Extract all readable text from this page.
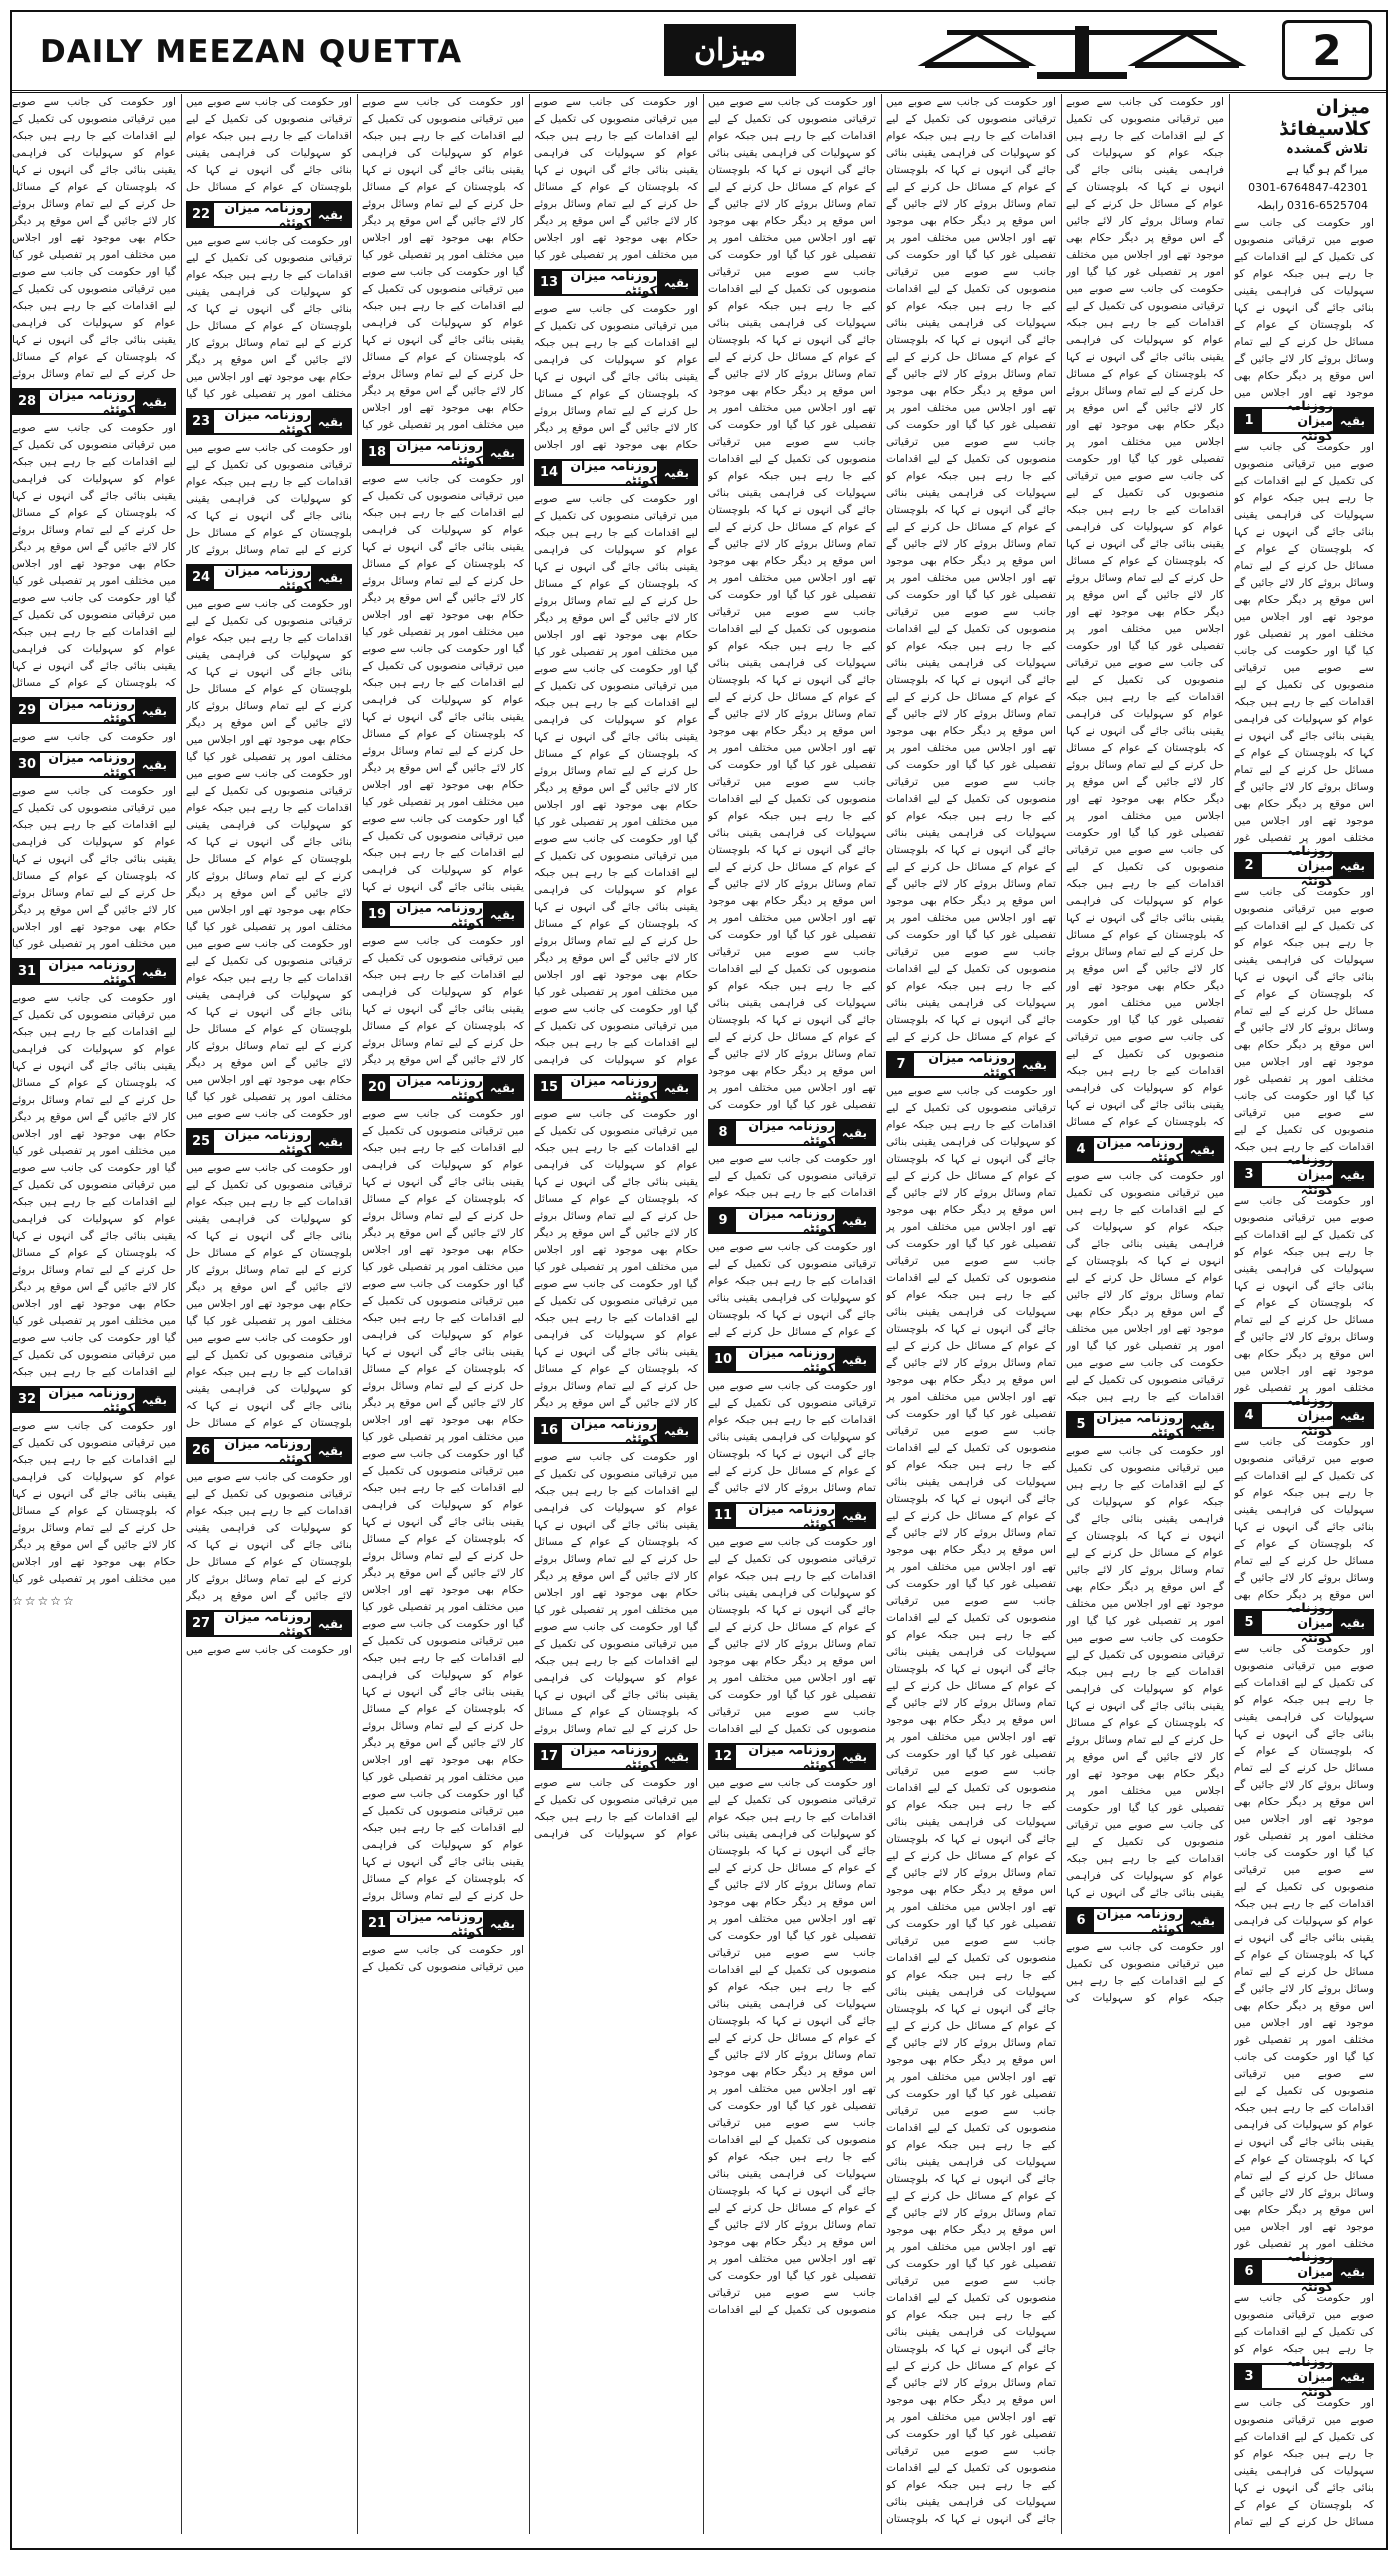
DAILY MEEZAN QUETTA	میزان	2
میزان کلاسیفائڈ
تلاش گمشدہ
میرا گم ہو گیا ہے
0301-6764847-42301
0316-6525704 رابطہ
اور حکومت کی جانب سے صوبے میں ترقیاتی منصوبوں کی تکمیل کے لیے اقدامات کیے جا رہے ہیں جبکہ عوام کو سہولیات کی فراہمی یقینی بنائی جائے گی انہوں نے کہا کہ بلوچستان کے عوام کے مسائل حل کرنے کے لیے تمام وسائل بروئے کار لائے جائیں گے اس موقع پر دیگر حکام بھی موجود تھے اور اجلاس میں
بقیہ
روزنامہ میزان کوئٹہ
1
اور حکومت کی جانب سے صوبے میں ترقیاتی منصوبوں کی تکمیل کے لیے اقدامات کیے جا رہے ہیں جبکہ عوام کو سہولیات کی فراہمی یقینی بنائی جائے گی انہوں نے کہا کہ بلوچستان کے عوام کے مسائل حل کرنے کے لیے تمام وسائل بروئے کار لائے جائیں گے اس موقع پر دیگر حکام بھی موجود تھے اور اجلاس میں مختلف امور پر تفصیلی غور کیا گیا اور حکومت کی جانب سے صوبے میں ترقیاتی منصوبوں کی تکمیل کے لیے اقدامات کیے جا رہے ہیں جبکہ عوام کو سہولیات کی فراہمی یقینی بنائی جائے گی انہوں نے کہا کہ بلوچستان کے عوام کے مسائل حل کرنے کے لیے تمام وسائل بروئے کار لائے جائیں گے اس موقع پر دیگر حکام بھی موجود تھے اور اجلاس میں مختلف امور پر تفصیلی غور
بقیہ
روزنامہ میزان کوئٹہ
2
اور حکومت کی جانب سے صوبے میں ترقیاتی منصوبوں کی تکمیل کے لیے اقدامات کیے جا رہے ہیں جبکہ عوام کو سہولیات کی فراہمی یقینی بنائی جائے گی انہوں نے کہا کہ بلوچستان کے عوام کے مسائل حل کرنے کے لیے تمام وسائل بروئے کار لائے جائیں گے اس موقع پر دیگر حکام بھی موجود تھے اور اجلاس میں مختلف امور پر تفصیلی غور کیا گیا اور حکومت کی جانب سے صوبے میں ترقیاتی منصوبوں کی تکمیل کے لیے اقدامات کیے جا رہے ہیں جبکہ
بقیہ
روزنامہ میزان کوئٹہ
3
اور حکومت کی جانب سے صوبے میں ترقیاتی منصوبوں کی تکمیل کے لیے اقدامات کیے جا رہے ہیں جبکہ عوام کو سہولیات کی فراہمی یقینی بنائی جائے گی انہوں نے کہا کہ بلوچستان کے عوام کے مسائل حل کرنے کے لیے تمام وسائل بروئے کار لائے جائیں گے اس موقع پر دیگر حکام بھی موجود تھے اور اجلاس میں مختلف امور پر تفصیلی غور
بقیہ
روزنامہ میزان کوئٹہ
4
اور حکومت کی جانب سے صوبے میں ترقیاتی منصوبوں کی تکمیل کے لیے اقدامات کیے جا رہے ہیں جبکہ عوام کو سہولیات کی فراہمی یقینی بنائی جائے گی انہوں نے کہا کہ بلوچستان کے عوام کے مسائل حل کرنے کے لیے تمام وسائل بروئے کار لائے جائیں گے اس موقع پر دیگر حکام بھی
بقیہ
روزنامہ میزان کوئٹہ
5
اور حکومت کی جانب سے صوبے میں ترقیاتی منصوبوں کی تکمیل کے لیے اقدامات کیے جا رہے ہیں جبکہ عوام کو سہولیات کی فراہمی یقینی بنائی جائے گی انہوں نے کہا کہ بلوچستان کے عوام کے مسائل حل کرنے کے لیے تمام وسائل بروئے کار لائے جائیں گے اس موقع پر دیگر حکام بھی موجود تھے اور اجلاس میں مختلف امور پر تفصیلی غور کیا گیا اور حکومت کی جانب سے صوبے میں ترقیاتی منصوبوں کی تکمیل کے لیے اقدامات کیے جا رہے ہیں جبکہ عوام کو سہولیات کی فراہمی یقینی بنائی جائے گی انہوں نے کہا کہ بلوچستان کے عوام کے مسائل حل کرنے کے لیے تمام وسائل بروئے کار لائے جائیں گے اس موقع پر دیگر حکام بھی موجود تھے اور اجلاس میں مختلف امور پر تفصیلی غور کیا گیا اور حکومت کی جانب سے صوبے میں ترقیاتی منصوبوں کی تکمیل کے لیے اقدامات کیے جا رہے ہیں جبکہ عوام کو سہولیات کی فراہمی یقینی بنائی جائے گی انہوں نے کہا کہ بلوچستان کے عوام کے مسائل حل کرنے کے لیے تمام وسائل بروئے کار لائے جائیں گے اس موقع پر دیگر حکام بھی موجود تھے اور اجلاس میں مختلف امور پر تفصیلی غور
بقیہ
روزنامہ میزان کوئٹہ
6
اور حکومت کی جانب سے صوبے میں ترقیاتی منصوبوں کی تکمیل کے لیے اقدامات کیے جا رہے ہیں جبکہ عوام کو
بقیہ
روزنامہ میزان کوئٹہ
3
اور حکومت کی جانب سے صوبے میں ترقیاتی منصوبوں کی تکمیل کے لیے اقدامات کیے جا رہے ہیں جبکہ عوام کو سہولیات کی فراہمی یقینی بنائی جائے گی انہوں نے کہا کہ بلوچستان کے عوام کے مسائل حل کرنے کے لیے تمام
اور حکومت کی جانب سے صوبے میں ترقیاتی منصوبوں کی تکمیل کے لیے اقدامات کیے جا رہے ہیں جبکہ عوام کو سہولیات کی فراہمی یقینی بنائی جائے گی انہوں نے کہا کہ بلوچستان کے عوام کے مسائل حل کرنے کے لیے تمام وسائل بروئے کار لائے جائیں گے اس موقع پر دیگر حکام بھی موجود تھے اور اجلاس میں مختلف امور پر تفصیلی غور کیا گیا اور حکومت کی جانب سے صوبے میں ترقیاتی منصوبوں کی تکمیل کے لیے اقدامات کیے جا رہے ہیں جبکہ عوام کو سہولیات کی فراہمی یقینی بنائی جائے گی انہوں نے کہا کہ بلوچستان کے عوام کے مسائل حل کرنے کے لیے تمام وسائل بروئے کار لائے جائیں گے اس موقع پر دیگر حکام بھی موجود تھے اور اجلاس میں مختلف امور پر تفصیلی غور کیا گیا اور حکومت کی جانب سے صوبے میں ترقیاتی منصوبوں کی تکمیل کے لیے اقدامات کیے جا رہے ہیں جبکہ عوام کو سہولیات کی فراہمی یقینی بنائی جائے گی انہوں نے کہا کہ بلوچستان کے عوام کے مسائل حل کرنے کے لیے تمام وسائل بروئے کار لائے جائیں گے اس موقع پر دیگر حکام بھی موجود تھے اور اجلاس میں مختلف امور پر تفصیلی غور کیا گیا اور حکومت کی جانب سے صوبے میں ترقیاتی منصوبوں کی تکمیل کے لیے اقدامات کیے جا رہے ہیں جبکہ عوام کو سہولیات کی فراہمی یقینی بنائی جائے گی انہوں نے کہا کہ بلوچستان کے عوام کے مسائل حل کرنے کے لیے تمام وسائل بروئے کار لائے جائیں گے اس موقع پر دیگر حکام بھی موجود تھے اور اجلاس میں مختلف امور پر تفصیلی غور کیا گیا اور حکومت کی جانب سے صوبے میں ترقیاتی منصوبوں کی تکمیل کے لیے اقدامات کیے جا رہے ہیں جبکہ عوام کو سہولیات کی فراہمی یقینی بنائی جائے گی انہوں نے کہا کہ بلوچستان کے عوام کے مسائل حل کرنے کے لیے تمام وسائل بروئے کار لائے جائیں گے اس موقع پر دیگر حکام بھی موجود تھے اور اجلاس میں مختلف امور پر تفصیلی غور کیا گیا اور حکومت کی جانب سے صوبے میں ترقیاتی منصوبوں کی تکمیل کے لیے اقدامات کیے جا رہے ہیں جبکہ عوام کو سہولیات کی فراہمی یقینی بنائی جائے گی انہوں نے کہا کہ بلوچستان کے عوام کے مسائل
بقیہ
روزنامہ میزان کوئٹہ
4
اور حکومت کی جانب سے صوبے میں ترقیاتی منصوبوں کی تکمیل کے لیے اقدامات کیے جا رہے ہیں جبکہ عوام کو سہولیات کی فراہمی یقینی بنائی جائے گی انہوں نے کہا کہ بلوچستان کے عوام کے مسائل حل کرنے کے لیے تمام وسائل بروئے کار لائے جائیں گے اس موقع پر دیگر حکام بھی موجود تھے اور اجلاس میں مختلف امور پر تفصیلی غور کیا گیا اور حکومت کی جانب سے صوبے میں ترقیاتی منصوبوں کی تکمیل کے لیے اقدامات کیے جا رہے ہیں جبکہ
بقیہ
روزنامہ میزان کوئٹہ
5
اور حکومت کی جانب سے صوبے میں ترقیاتی منصوبوں کی تکمیل کے لیے اقدامات کیے جا رہے ہیں جبکہ عوام کو سہولیات کی فراہمی یقینی بنائی جائے گی انہوں نے کہا کہ بلوچستان کے عوام کے مسائل حل کرنے کے لیے تمام وسائل بروئے کار لائے جائیں گے اس موقع پر دیگر حکام بھی موجود تھے اور اجلاس میں مختلف امور پر تفصیلی غور کیا گیا اور حکومت کی جانب سے صوبے میں ترقیاتی منصوبوں کی تکمیل کے لیے اقدامات کیے جا رہے ہیں جبکہ عوام کو سہولیات کی فراہمی یقینی بنائی جائے گی انہوں نے کہا کہ بلوچستان کے عوام کے مسائل حل کرنے کے لیے تمام وسائل بروئے کار لائے جائیں گے اس موقع پر دیگر حکام بھی موجود تھے اور اجلاس میں مختلف امور پر تفصیلی غور کیا گیا اور حکومت کی جانب سے صوبے میں ترقیاتی منصوبوں کی تکمیل کے لیے اقدامات کیے جا رہے ہیں جبکہ عوام کو سہولیات کی فراہمی یقینی بنائی جائے گی انہوں نے کہا
بقیہ
روزنامہ میزان کوئٹہ
6
اور حکومت کی جانب سے صوبے میں ترقیاتی منصوبوں کی تکمیل کے لیے اقدامات کیے جا رہے ہیں جبکہ عوام کو سہولیات کی
اور حکومت کی جانب سے صوبے میں ترقیاتی منصوبوں کی تکمیل کے لیے اقدامات کیے جا رہے ہیں جبکہ عوام کو سہولیات کی فراہمی یقینی بنائی جائے گی انہوں نے کہا کہ بلوچستان کے عوام کے مسائل حل کرنے کے لیے تمام وسائل بروئے کار لائے جائیں گے اس موقع پر دیگر حکام بھی موجود تھے اور اجلاس میں مختلف امور پر تفصیلی غور کیا گیا اور حکومت کی جانب سے صوبے میں ترقیاتی منصوبوں کی تکمیل کے لیے اقدامات کیے جا رہے ہیں جبکہ عوام کو سہولیات کی فراہمی یقینی بنائی جائے گی انہوں نے کہا کہ بلوچستان کے عوام کے مسائل حل کرنے کے لیے تمام وسائل بروئے کار لائے جائیں گے اس موقع پر دیگر حکام بھی موجود تھے اور اجلاس میں مختلف امور پر تفصیلی غور کیا گیا اور حکومت کی جانب سے صوبے میں ترقیاتی منصوبوں کی تکمیل کے لیے اقدامات کیے جا رہے ہیں جبکہ عوام کو سہولیات کی فراہمی یقینی بنائی جائے گی انہوں نے کہا کہ بلوچستان کے عوام کے مسائل حل کرنے کے لیے تمام وسائل بروئے کار لائے جائیں گے اس موقع پر دیگر حکام بھی موجود تھے اور اجلاس میں مختلف امور پر تفصیلی غور کیا گیا اور حکومت کی جانب سے صوبے میں ترقیاتی منصوبوں کی تکمیل کے لیے اقدامات کیے جا رہے ہیں جبکہ عوام کو سہولیات کی فراہمی یقینی بنائی جائے گی انہوں نے کہا کہ بلوچستان کے عوام کے مسائل حل کرنے کے لیے تمام وسائل بروئے کار لائے جائیں گے اس موقع پر دیگر حکام بھی موجود تھے اور اجلاس میں مختلف امور پر تفصیلی غور کیا گیا اور حکومت کی جانب سے صوبے میں ترقیاتی منصوبوں کی تکمیل کے لیے اقدامات کیے جا رہے ہیں جبکہ عوام کو سہولیات کی فراہمی یقینی بنائی جائے گی انہوں نے کہا کہ بلوچستان کے عوام کے مسائل حل کرنے کے لیے تمام وسائل بروئے کار لائے جائیں گے اس موقع پر دیگر حکام بھی موجود تھے اور اجلاس میں مختلف امور پر تفصیلی غور کیا گیا اور حکومت کی جانب سے صوبے میں ترقیاتی منصوبوں کی تکمیل کے لیے اقدامات کیے جا رہے ہیں جبکہ عوام کو سہولیات کی فراہمی یقینی بنائی جائے گی انہوں نے کہا کہ بلوچستان کے عوام کے مسائل حل کرنے کے لیے
بقیہ
روزنامہ میزان کوئٹہ
7
اور حکومت کی جانب سے صوبے میں ترقیاتی منصوبوں کی تکمیل کے لیے اقدامات کیے جا رہے ہیں جبکہ عوام کو سہولیات کی فراہمی یقینی بنائی جائے گی انہوں نے کہا کہ بلوچستان کے عوام کے مسائل حل کرنے کے لیے تمام وسائل بروئے کار لائے جائیں گے اس موقع پر دیگر حکام بھی موجود تھے اور اجلاس میں مختلف امور پر تفصیلی غور کیا گیا اور حکومت کی جانب سے صوبے میں ترقیاتی منصوبوں کی تکمیل کے لیے اقدامات کیے جا رہے ہیں جبکہ عوام کو سہولیات کی فراہمی یقینی بنائی جائے گی انہوں نے کہا کہ بلوچستان کے عوام کے مسائل حل کرنے کے لیے تمام وسائل بروئے کار لائے جائیں گے اس موقع پر دیگر حکام بھی موجود تھے اور اجلاس میں مختلف امور پر تفصیلی غور کیا گیا اور حکومت کی جانب سے صوبے میں ترقیاتی منصوبوں کی تکمیل کے لیے اقدامات کیے جا رہے ہیں جبکہ عوام کو سہولیات کی فراہمی یقینی بنائی جائے گی انہوں نے کہا کہ بلوچستان کے عوام کے مسائل حل کرنے کے لیے تمام وسائل بروئے کار لائے جائیں گے اس موقع پر دیگر حکام بھی موجود تھے اور اجلاس میں مختلف امور پر تفصیلی غور کیا گیا اور حکومت کی جانب سے صوبے میں ترقیاتی منصوبوں کی تکمیل کے لیے اقدامات کیے جا رہے ہیں جبکہ عوام کو سہولیات کی فراہمی یقینی بنائی جائے گی انہوں نے کہا کہ بلوچستان کے عوام کے مسائل حل کرنے کے لیے تمام وسائل بروئے کار لائے جائیں گے اس موقع پر دیگر حکام بھی موجود تھے اور اجلاس میں مختلف امور پر تفصیلی غور کیا گیا اور حکومت کی جانب سے صوبے میں ترقیاتی منصوبوں کی تکمیل کے لیے اقدامات کیے جا رہے ہیں جبکہ عوام کو سہولیات کی فراہمی یقینی بنائی جائے گی انہوں نے کہا کہ بلوچستان کے عوام کے مسائل حل کرنے کے لیے تمام وسائل بروئے کار لائے جائیں گے اس موقع پر دیگر حکام بھی موجود تھے اور اجلاس میں مختلف امور پر تفصیلی غور کیا گیا اور حکومت کی جانب سے صوبے میں ترقیاتی منصوبوں کی تکمیل کے لیے اقدامات کیے جا رہے ہیں جبکہ عوام کو سہولیات کی فراہمی یقینی بنائی جائے گی انہوں نے کہا کہ بلوچستان کے عوام کے مسائل حل کرنے کے لیے تمام وسائل بروئے کار لائے جائیں گے اس موقع پر دیگر حکام بھی موجود تھے اور اجلاس میں مختلف امور پر تفصیلی غور کیا گیا اور حکومت کی جانب سے صوبے میں ترقیاتی منصوبوں کی تکمیل کے لیے اقدامات کیے جا رہے ہیں جبکہ عوام کو سہولیات کی فراہمی یقینی بنائی جائے گی انہوں نے کہا کہ بلوچستان کے عوام کے مسائل حل کرنے کے لیے تمام وسائل بروئے کار لائے جائیں گے اس موقع پر دیگر حکام بھی موجود تھے اور اجلاس میں مختلف امور پر تفصیلی غور کیا گیا اور حکومت کی جانب سے صوبے میں ترقیاتی منصوبوں کی تکمیل کے لیے اقدامات کیے جا رہے ہیں جبکہ عوام کو سہولیات کی فراہمی یقینی بنائی جائے گی انہوں نے کہا کہ بلوچستان کے عوام کے مسائل حل کرنے کے لیے تمام وسائل بروئے کار لائے جائیں گے اس موقع پر دیگر حکام بھی موجود تھے اور اجلاس میں مختلف امور پر تفصیلی غور کیا گیا اور حکومت کی جانب سے صوبے میں ترقیاتی منصوبوں کی تکمیل کے لیے اقدامات کیے جا رہے ہیں جبکہ عوام کو سہولیات کی فراہمی یقینی بنائی جائے گی انہوں نے کہا کہ بلوچستان
اور حکومت کی جانب سے صوبے میں ترقیاتی منصوبوں کی تکمیل کے لیے اقدامات کیے جا رہے ہیں جبکہ عوام کو سہولیات کی فراہمی یقینی بنائی جائے گی انہوں نے کہا کہ بلوچستان کے عوام کے مسائل حل کرنے کے لیے تمام وسائل بروئے کار لائے جائیں گے اس موقع پر دیگر حکام بھی موجود تھے اور اجلاس میں مختلف امور پر تفصیلی غور کیا گیا اور حکومت کی جانب سے صوبے میں ترقیاتی منصوبوں کی تکمیل کے لیے اقدامات کیے جا رہے ہیں جبکہ عوام کو سہولیات کی فراہمی یقینی بنائی جائے گی انہوں نے کہا کہ بلوچستان کے عوام کے مسائل حل کرنے کے لیے تمام وسائل بروئے کار لائے جائیں گے اس موقع پر دیگر حکام بھی موجود تھے اور اجلاس میں مختلف امور پر تفصیلی غور کیا گیا اور حکومت کی جانب سے صوبے میں ترقیاتی منصوبوں کی تکمیل کے لیے اقدامات کیے جا رہے ہیں جبکہ عوام کو سہولیات کی فراہمی یقینی بنائی جائے گی انہوں نے کہا کہ بلوچستان کے عوام کے مسائل حل کرنے کے لیے تمام وسائل بروئے کار لائے جائیں گے اس موقع پر دیگر حکام بھی موجود تھے اور اجلاس میں مختلف امور پر تفصیلی غور کیا گیا اور حکومت کی جانب سے صوبے میں ترقیاتی منصوبوں کی تکمیل کے لیے اقدامات کیے جا رہے ہیں جبکہ عوام کو سہولیات کی فراہمی یقینی بنائی جائے گی انہوں نے کہا کہ بلوچستان کے عوام کے مسائل حل کرنے کے لیے تمام وسائل بروئے کار لائے جائیں گے اس موقع پر دیگر حکام بھی موجود تھے اور اجلاس میں مختلف امور پر تفصیلی غور کیا گیا اور حکومت کی جانب سے صوبے میں ترقیاتی منصوبوں کی تکمیل کے لیے اقدامات کیے جا رہے ہیں جبکہ عوام کو سہولیات کی فراہمی یقینی بنائی جائے گی انہوں نے کہا کہ بلوچستان کے عوام کے مسائل حل کرنے کے لیے تمام وسائل بروئے کار لائے جائیں گے اس موقع پر دیگر حکام بھی موجود تھے اور اجلاس میں مختلف امور پر تفصیلی غور کیا گیا اور حکومت کی جانب سے صوبے میں ترقیاتی منصوبوں کی تکمیل کے لیے اقدامات کیے جا رہے ہیں جبکہ عوام کو سہولیات کی فراہمی یقینی بنائی جائے گی انہوں نے کہا کہ بلوچستان کے عوام کے مسائل حل کرنے کے لیے تمام وسائل بروئے کار لائے جائیں گے اس موقع پر دیگر حکام بھی موجود تھے اور اجلاس میں مختلف امور پر تفصیلی غور کیا گیا اور حکومت کی
بقیہ
روزنامہ میزان کوئٹہ
8
اور حکومت کی جانب سے صوبے میں ترقیاتی منصوبوں کی تکمیل کے لیے اقدامات کیے جا رہے ہیں جبکہ عوام
بقیہ
روزنامہ میزان کوئٹہ
9
اور حکومت کی جانب سے صوبے میں ترقیاتی منصوبوں کی تکمیل کے لیے اقدامات کیے جا رہے ہیں جبکہ عوام کو سہولیات کی فراہمی یقینی بنائی جائے گی انہوں نے کہا کہ بلوچستان کے عوام کے مسائل حل کرنے کے لیے
بقیہ
روزنامہ میزان کوئٹہ
10
اور حکومت کی جانب سے صوبے میں ترقیاتی منصوبوں کی تکمیل کے لیے اقدامات کیے جا رہے ہیں جبکہ عوام کو سہولیات کی فراہمی یقینی بنائی جائے گی انہوں نے کہا کہ بلوچستان کے عوام کے مسائل حل کرنے کے لیے تمام وسائل بروئے کار لائے جائیں گے
بقیہ
روزنامہ میزان کوئٹہ
11
اور حکومت کی جانب سے صوبے میں ترقیاتی منصوبوں کی تکمیل کے لیے اقدامات کیے جا رہے ہیں جبکہ عوام کو سہولیات کی فراہمی یقینی بنائی جائے گی انہوں نے کہا کہ بلوچستان کے عوام کے مسائل حل کرنے کے لیے تمام وسائل بروئے کار لائے جائیں گے اس موقع پر دیگر حکام بھی موجود تھے اور اجلاس میں مختلف امور پر تفصیلی غور کیا گیا اور حکومت کی جانب سے صوبے میں ترقیاتی منصوبوں کی تکمیل کے لیے اقدامات
بقیہ
روزنامہ میزان کوئٹہ
12
اور حکومت کی جانب سے صوبے میں ترقیاتی منصوبوں کی تکمیل کے لیے اقدامات کیے جا رہے ہیں جبکہ عوام کو سہولیات کی فراہمی یقینی بنائی جائے گی انہوں نے کہا کہ بلوچستان کے عوام کے مسائل حل کرنے کے لیے تمام وسائل بروئے کار لائے جائیں گے اس موقع پر دیگر حکام بھی موجود تھے اور اجلاس میں مختلف امور پر تفصیلی غور کیا گیا اور حکومت کی جانب سے صوبے میں ترقیاتی منصوبوں کی تکمیل کے لیے اقدامات کیے جا رہے ہیں جبکہ عوام کو سہولیات کی فراہمی یقینی بنائی جائے گی انہوں نے کہا کہ بلوچستان کے عوام کے مسائل حل کرنے کے لیے تمام وسائل بروئے کار لائے جائیں گے اس موقع پر دیگر حکام بھی موجود تھے اور اجلاس میں مختلف امور پر تفصیلی غور کیا گیا اور حکومت کی جانب سے صوبے میں ترقیاتی منصوبوں کی تکمیل کے لیے اقدامات کیے جا رہے ہیں جبکہ عوام کو سہولیات کی فراہمی یقینی بنائی جائے گی انہوں نے کہا کہ بلوچستان کے عوام کے مسائل حل کرنے کے لیے تمام وسائل بروئے کار لائے جائیں گے اس موقع پر دیگر حکام بھی موجود تھے اور اجلاس میں مختلف امور پر تفصیلی غور کیا گیا اور حکومت کی جانب سے صوبے میں ترقیاتی منصوبوں کی تکمیل کے لیے اقدامات
اور حکومت کی جانب سے صوبے میں ترقیاتی منصوبوں کی تکمیل کے لیے اقدامات کیے جا رہے ہیں جبکہ عوام کو سہولیات کی فراہمی یقینی بنائی جائے گی انہوں نے کہا کہ بلوچستان کے عوام کے مسائل حل کرنے کے لیے تمام وسائل بروئے کار لائے جائیں گے اس موقع پر دیگر حکام بھی موجود تھے اور اجلاس میں مختلف امور پر تفصیلی غور کیا
بقیہ
روزنامہ میزان کوئٹہ
13
اور حکومت کی جانب سے صوبے میں ترقیاتی منصوبوں کی تکمیل کے لیے اقدامات کیے جا رہے ہیں جبکہ عوام کو سہولیات کی فراہمی یقینی بنائی جائے گی انہوں نے کہا کہ بلوچستان کے عوام کے مسائل حل کرنے کے لیے تمام وسائل بروئے کار لائے جائیں گے اس موقع پر دیگر حکام بھی موجود تھے اور اجلاس
بقیہ
روزنامہ میزان کوئٹہ
14
اور حکومت کی جانب سے صوبے میں ترقیاتی منصوبوں کی تکمیل کے لیے اقدامات کیے جا رہے ہیں جبکہ عوام کو سہولیات کی فراہمی یقینی بنائی جائے گی انہوں نے کہا کہ بلوچستان کے عوام کے مسائل حل کرنے کے لیے تمام وسائل بروئے کار لائے جائیں گے اس موقع پر دیگر حکام بھی موجود تھے اور اجلاس میں مختلف امور پر تفصیلی غور کیا گیا اور حکومت کی جانب سے صوبے میں ترقیاتی منصوبوں کی تکمیل کے لیے اقدامات کیے جا رہے ہیں جبکہ عوام کو سہولیات کی فراہمی یقینی بنائی جائے گی انہوں نے کہا کہ بلوچستان کے عوام کے مسائل حل کرنے کے لیے تمام وسائل بروئے کار لائے جائیں گے اس موقع پر دیگر حکام بھی موجود تھے اور اجلاس میں مختلف امور پر تفصیلی غور کیا گیا اور حکومت کی جانب سے صوبے میں ترقیاتی منصوبوں کی تکمیل کے لیے اقدامات کیے جا رہے ہیں جبکہ عوام کو سہولیات کی فراہمی یقینی بنائی جائے گی انہوں نے کہا کہ بلوچستان کے عوام کے مسائل حل کرنے کے لیے تمام وسائل بروئے کار لائے جائیں گے اس موقع پر دیگر حکام بھی موجود تھے اور اجلاس میں مختلف امور پر تفصیلی غور کیا گیا اور حکومت کی جانب سے صوبے میں ترقیاتی منصوبوں کی تکمیل کے لیے اقدامات کیے جا رہے ہیں جبکہ عوام کو سہولیات کی فراہمی
بقیہ
روزنامہ میزان کوئٹہ
15
اور حکومت کی جانب سے صوبے میں ترقیاتی منصوبوں کی تکمیل کے لیے اقدامات کیے جا رہے ہیں جبکہ عوام کو سہولیات کی فراہمی یقینی بنائی جائے گی انہوں نے کہا کہ بلوچستان کے عوام کے مسائل حل کرنے کے لیے تمام وسائل بروئے کار لائے جائیں گے اس موقع پر دیگر حکام بھی موجود تھے اور اجلاس میں مختلف امور پر تفصیلی غور کیا گیا اور حکومت کی جانب سے صوبے میں ترقیاتی منصوبوں کی تکمیل کے لیے اقدامات کیے جا رہے ہیں جبکہ عوام کو سہولیات کی فراہمی یقینی بنائی جائے گی انہوں نے کہا کہ بلوچستان کے عوام کے مسائل حل کرنے کے لیے تمام وسائل بروئے کار لائے جائیں گے اس موقع پر دیگر
بقیہ
روزنامہ میزان کوئٹہ
16
اور حکومت کی جانب سے صوبے میں ترقیاتی منصوبوں کی تکمیل کے لیے اقدامات کیے جا رہے ہیں جبکہ عوام کو سہولیات کی فراہمی یقینی بنائی جائے گی انہوں نے کہا کہ بلوچستان کے عوام کے مسائل حل کرنے کے لیے تمام وسائل بروئے کار لائے جائیں گے اس موقع پر دیگر حکام بھی موجود تھے اور اجلاس میں مختلف امور پر تفصیلی غور کیا گیا اور حکومت کی جانب سے صوبے میں ترقیاتی منصوبوں کی تکمیل کے لیے اقدامات کیے جا رہے ہیں جبکہ عوام کو سہولیات کی فراہمی یقینی بنائی جائے گی انہوں نے کہا کہ بلوچستان کے عوام کے مسائل حل کرنے کے لیے تمام وسائل بروئے
بقیہ
روزنامہ میزان کوئٹہ
17
اور حکومت کی جانب سے صوبے میں ترقیاتی منصوبوں کی تکمیل کے لیے اقدامات کیے جا رہے ہیں جبکہ عوام کو سہولیات کی فراہمی
اور حکومت کی جانب سے صوبے میں ترقیاتی منصوبوں کی تکمیل کے لیے اقدامات کیے جا رہے ہیں جبکہ عوام کو سہولیات کی فراہمی یقینی بنائی جائے گی انہوں نے کہا کہ بلوچستان کے عوام کے مسائل حل کرنے کے لیے تمام وسائل بروئے کار لائے جائیں گے اس موقع پر دیگر حکام بھی موجود تھے اور اجلاس میں مختلف امور پر تفصیلی غور کیا گیا اور حکومت کی جانب سے صوبے میں ترقیاتی منصوبوں کی تکمیل کے لیے اقدامات کیے جا رہے ہیں جبکہ عوام کو سہولیات کی فراہمی یقینی بنائی جائے گی انہوں نے کہا کہ بلوچستان کے عوام کے مسائل حل کرنے کے لیے تمام وسائل بروئے کار لائے جائیں گے اس موقع پر دیگر حکام بھی موجود تھے اور اجلاس میں مختلف امور پر تفصیلی غور کیا
بقیہ
روزنامہ میزان کوئٹہ
18
اور حکومت کی جانب سے صوبے میں ترقیاتی منصوبوں کی تکمیل کے لیے اقدامات کیے جا رہے ہیں جبکہ عوام کو سہولیات کی فراہمی یقینی بنائی جائے گی انہوں نے کہا کہ بلوچستان کے عوام کے مسائل حل کرنے کے لیے تمام وسائل بروئے کار لائے جائیں گے اس موقع پر دیگر حکام بھی موجود تھے اور اجلاس میں مختلف امور پر تفصیلی غور کیا گیا اور حکومت کی جانب سے صوبے میں ترقیاتی منصوبوں کی تکمیل کے لیے اقدامات کیے جا رہے ہیں جبکہ عوام کو سہولیات کی فراہمی یقینی بنائی جائے گی انہوں نے کہا کہ بلوچستان کے عوام کے مسائل حل کرنے کے لیے تمام وسائل بروئے کار لائے جائیں گے اس موقع پر دیگر حکام بھی موجود تھے اور اجلاس میں مختلف امور پر تفصیلی غور کیا گیا اور حکومت کی جانب سے صوبے میں ترقیاتی منصوبوں کی تکمیل کے لیے اقدامات کیے جا رہے ہیں جبکہ عوام کو سہولیات کی فراہمی یقینی بنائی جائے گی انہوں نے کہا
بقیہ
روزنامہ میزان کوئٹہ
19
اور حکومت کی جانب سے صوبے میں ترقیاتی منصوبوں کی تکمیل کے لیے اقدامات کیے جا رہے ہیں جبکہ عوام کو سہولیات کی فراہمی یقینی بنائی جائے گی انہوں نے کہا کہ بلوچستان کے عوام کے مسائل حل کرنے کے لیے تمام وسائل بروئے کار لائے جائیں گے اس موقع پر دیگر
بقیہ
روزنامہ میزان کوئٹہ
20
اور حکومت کی جانب سے صوبے میں ترقیاتی منصوبوں کی تکمیل کے لیے اقدامات کیے جا رہے ہیں جبکہ عوام کو سہولیات کی فراہمی یقینی بنائی جائے گی انہوں نے کہا کہ بلوچستان کے عوام کے مسائل حل کرنے کے لیے تمام وسائل بروئے کار لائے جائیں گے اس موقع پر دیگر حکام بھی موجود تھے اور اجلاس میں مختلف امور پر تفصیلی غور کیا گیا اور حکومت کی جانب سے صوبے میں ترقیاتی منصوبوں کی تکمیل کے لیے اقدامات کیے جا رہے ہیں جبکہ عوام کو سہولیات کی فراہمی یقینی بنائی جائے گی انہوں نے کہا کہ بلوچستان کے عوام کے مسائل حل کرنے کے لیے تمام وسائل بروئے کار لائے جائیں گے اس موقع پر دیگر حکام بھی موجود تھے اور اجلاس میں مختلف امور پر تفصیلی غور کیا گیا اور حکومت کی جانب سے صوبے میں ترقیاتی منصوبوں کی تکمیل کے لیے اقدامات کیے جا رہے ہیں جبکہ عوام کو سہولیات کی فراہمی یقینی بنائی جائے گی انہوں نے کہا کہ بلوچستان کے عوام کے مسائل حل کرنے کے لیے تمام وسائل بروئے کار لائے جائیں گے اس موقع پر دیگر حکام بھی موجود تھے اور اجلاس میں مختلف امور پر تفصیلی غور کیا گیا اور حکومت کی جانب سے صوبے میں ترقیاتی منصوبوں کی تکمیل کے لیے اقدامات کیے جا رہے ہیں جبکہ عوام کو سہولیات کی فراہمی یقینی بنائی جائے گی انہوں نے کہا کہ بلوچستان کے عوام کے مسائل حل کرنے کے لیے تمام وسائل بروئے کار لائے جائیں گے اس موقع پر دیگر حکام بھی موجود تھے اور اجلاس میں مختلف امور پر تفصیلی غور کیا گیا اور حکومت کی جانب سے صوبے میں ترقیاتی منصوبوں کی تکمیل کے لیے اقدامات کیے جا رہے ہیں جبکہ عوام کو سہولیات کی فراہمی یقینی بنائی جائے گی انہوں نے کہا کہ بلوچستان کے عوام کے مسائل حل کرنے کے لیے تمام وسائل بروئے
بقیہ
روزنامہ میزان کوئٹہ
21
اور حکومت کی جانب سے صوبے میں ترقیاتی منصوبوں کی تکمیل کے
اور حکومت کی جانب سے صوبے میں ترقیاتی منصوبوں کی تکمیل کے لیے اقدامات کیے جا رہے ہیں جبکہ عوام کو سہولیات کی فراہمی یقینی بنائی جائے گی انہوں نے کہا کہ بلوچستان کے عوام کے مسائل حل
بقیہ
روزنامہ میزان کوئٹہ
22
اور حکومت کی جانب سے صوبے میں ترقیاتی منصوبوں کی تکمیل کے لیے اقدامات کیے جا رہے ہیں جبکہ عوام کو سہولیات کی فراہمی یقینی بنائی جائے گی انہوں نے کہا کہ بلوچستان کے عوام کے مسائل حل کرنے کے لیے تمام وسائل بروئے کار لائے جائیں گے اس موقع پر دیگر حکام بھی موجود تھے اور اجلاس میں مختلف امور پر تفصیلی غور کیا گیا
بقیہ
روزنامہ میزان کوئٹہ
23
اور حکومت کی جانب سے صوبے میں ترقیاتی منصوبوں کی تکمیل کے لیے اقدامات کیے جا رہے ہیں جبکہ عوام کو سہولیات کی فراہمی یقینی بنائی جائے گی انہوں نے کہا کہ بلوچستان کے عوام کے مسائل حل کرنے کے لیے تمام وسائل بروئے کار
بقیہ
روزنامہ میزان کوئٹہ
24
اور حکومت کی جانب سے صوبے میں ترقیاتی منصوبوں کی تکمیل کے لیے اقدامات کیے جا رہے ہیں جبکہ عوام کو سہولیات کی فراہمی یقینی بنائی جائے گی انہوں نے کہا کہ بلوچستان کے عوام کے مسائل حل کرنے کے لیے تمام وسائل بروئے کار لائے جائیں گے اس موقع پر دیگر حکام بھی موجود تھے اور اجلاس میں مختلف امور پر تفصیلی غور کیا گیا اور حکومت کی جانب سے صوبے میں ترقیاتی منصوبوں کی تکمیل کے لیے اقدامات کیے جا رہے ہیں جبکہ عوام کو سہولیات کی فراہمی یقینی بنائی جائے گی انہوں نے کہا کہ بلوچستان کے عوام کے مسائل حل کرنے کے لیے تمام وسائل بروئے کار لائے جائیں گے اس موقع پر دیگر حکام بھی موجود تھے اور اجلاس میں مختلف امور پر تفصیلی غور کیا گیا اور حکومت کی جانب سے صوبے میں ترقیاتی منصوبوں کی تکمیل کے لیے اقدامات کیے جا رہے ہیں جبکہ عوام کو سہولیات کی فراہمی یقینی بنائی جائے گی انہوں نے کہا کہ بلوچستان کے عوام کے مسائل حل کرنے کے لیے تمام وسائل بروئے کار لائے جائیں گے اس موقع پر دیگر حکام بھی موجود تھے اور اجلاس میں مختلف امور پر تفصیلی غور کیا گیا اور حکومت کی جانب سے صوبے میں
بقیہ
روزنامہ میزان کوئٹہ
25
اور حکومت کی جانب سے صوبے میں ترقیاتی منصوبوں کی تکمیل کے لیے اقدامات کیے جا رہے ہیں جبکہ عوام کو سہولیات کی فراہمی یقینی بنائی جائے گی انہوں نے کہا کہ بلوچستان کے عوام کے مسائل حل کرنے کے لیے تمام وسائل بروئے کار لائے جائیں گے اس موقع پر دیگر حکام بھی موجود تھے اور اجلاس میں مختلف امور پر تفصیلی غور کیا گیا اور حکومت کی جانب سے صوبے میں ترقیاتی منصوبوں کی تکمیل کے لیے اقدامات کیے جا رہے ہیں جبکہ عوام کو سہولیات کی فراہمی یقینی بنائی جائے گی انہوں نے کہا کہ بلوچستان کے عوام کے مسائل حل
بقیہ
روزنامہ میزان کوئٹہ
26
اور حکومت کی جانب سے صوبے میں ترقیاتی منصوبوں کی تکمیل کے لیے اقدامات کیے جا رہے ہیں جبکہ عوام کو سہولیات کی فراہمی یقینی بنائی جائے گی انہوں نے کہا کہ بلوچستان کے عوام کے مسائل حل کرنے کے لیے تمام وسائل بروئے کار لائے جائیں گے اس موقع پر دیگر
بقیہ
روزنامہ میزان کوئٹہ
27
اور حکومت کی جانب سے صوبے میں
اور حکومت کی جانب سے صوبے میں ترقیاتی منصوبوں کی تکمیل کے لیے اقدامات کیے جا رہے ہیں جبکہ عوام کو سہولیات کی فراہمی یقینی بنائی جائے گی انہوں نے کہا کہ بلوچستان کے عوام کے مسائل حل کرنے کے لیے تمام وسائل بروئے کار لائے جائیں گے اس موقع پر دیگر حکام بھی موجود تھے اور اجلاس میں مختلف امور پر تفصیلی غور کیا گیا اور حکومت کی جانب سے صوبے میں ترقیاتی منصوبوں کی تکمیل کے لیے اقدامات کیے جا رہے ہیں جبکہ عوام کو سہولیات کی فراہمی یقینی بنائی جائے گی انہوں نے کہا کہ بلوچستان کے عوام کے مسائل حل کرنے کے لیے تمام وسائل بروئے
بقیہ
روزنامہ میزان کوئٹہ
28
اور حکومت کی جانب سے صوبے میں ترقیاتی منصوبوں کی تکمیل کے لیے اقدامات کیے جا رہے ہیں جبکہ عوام کو سہولیات کی فراہمی یقینی بنائی جائے گی انہوں نے کہا کہ بلوچستان کے عوام کے مسائل حل کرنے کے لیے تمام وسائل بروئے کار لائے جائیں گے اس موقع پر دیگر حکام بھی موجود تھے اور اجلاس میں مختلف امور پر تفصیلی غور کیا گیا اور حکومت کی جانب سے صوبے میں ترقیاتی منصوبوں کی تکمیل کے لیے اقدامات کیے جا رہے ہیں جبکہ عوام کو سہولیات کی فراہمی یقینی بنائی جائے گی انہوں نے کہا کہ بلوچستان کے عوام کے مسائل
بقیہ
روزنامہ میزان کوئٹہ
29
اور حکومت کی جانب سے صوبے
بقیہ
روزنامہ میزان کوئٹہ
30
اور حکومت کی جانب سے صوبے میں ترقیاتی منصوبوں کی تکمیل کے لیے اقدامات کیے جا رہے ہیں جبکہ عوام کو سہولیات کی فراہمی یقینی بنائی جائے گی انہوں نے کہا کہ بلوچستان کے عوام کے مسائل حل کرنے کے لیے تمام وسائل بروئے کار لائے جائیں گے اس موقع پر دیگر حکام بھی موجود تھے اور اجلاس میں مختلف امور پر تفصیلی غور کیا
بقیہ
روزنامہ میزان کوئٹہ
31
اور حکومت کی جانب سے صوبے میں ترقیاتی منصوبوں کی تکمیل کے لیے اقدامات کیے جا رہے ہیں جبکہ عوام کو سہولیات کی فراہمی یقینی بنائی جائے گی انہوں نے کہا کہ بلوچستان کے عوام کے مسائل حل کرنے کے لیے تمام وسائل بروئے کار لائے جائیں گے اس موقع پر دیگر حکام بھی موجود تھے اور اجلاس میں مختلف امور پر تفصیلی غور کیا گیا اور حکومت کی جانب سے صوبے میں ترقیاتی منصوبوں کی تکمیل کے لیے اقدامات کیے جا رہے ہیں جبکہ عوام کو سہولیات کی فراہمی یقینی بنائی جائے گی انہوں نے کہا کہ بلوچستان کے عوام کے مسائل حل کرنے کے لیے تمام وسائل بروئے کار لائے جائیں گے اس موقع پر دیگر حکام بھی موجود تھے اور اجلاس میں مختلف امور پر تفصیلی غور کیا گیا اور حکومت کی جانب سے صوبے میں ترقیاتی منصوبوں کی تکمیل کے لیے اقدامات کیے جا رہے ہیں جبکہ
بقیہ
روزنامہ میزان کوئٹہ
32
اور حکومت کی جانب سے صوبے میں ترقیاتی منصوبوں کی تکمیل کے لیے اقدامات کیے جا رہے ہیں جبکہ عوام کو سہولیات کی فراہمی یقینی بنائی جائے گی انہوں نے کہا کہ بلوچستان کے عوام کے مسائل حل کرنے کے لیے تمام وسائل بروئے کار لائے جائیں گے اس موقع پر دیگر حکام بھی موجود تھے اور اجلاس میں مختلف امور پر تفصیلی غور کیا
☆☆☆☆☆
